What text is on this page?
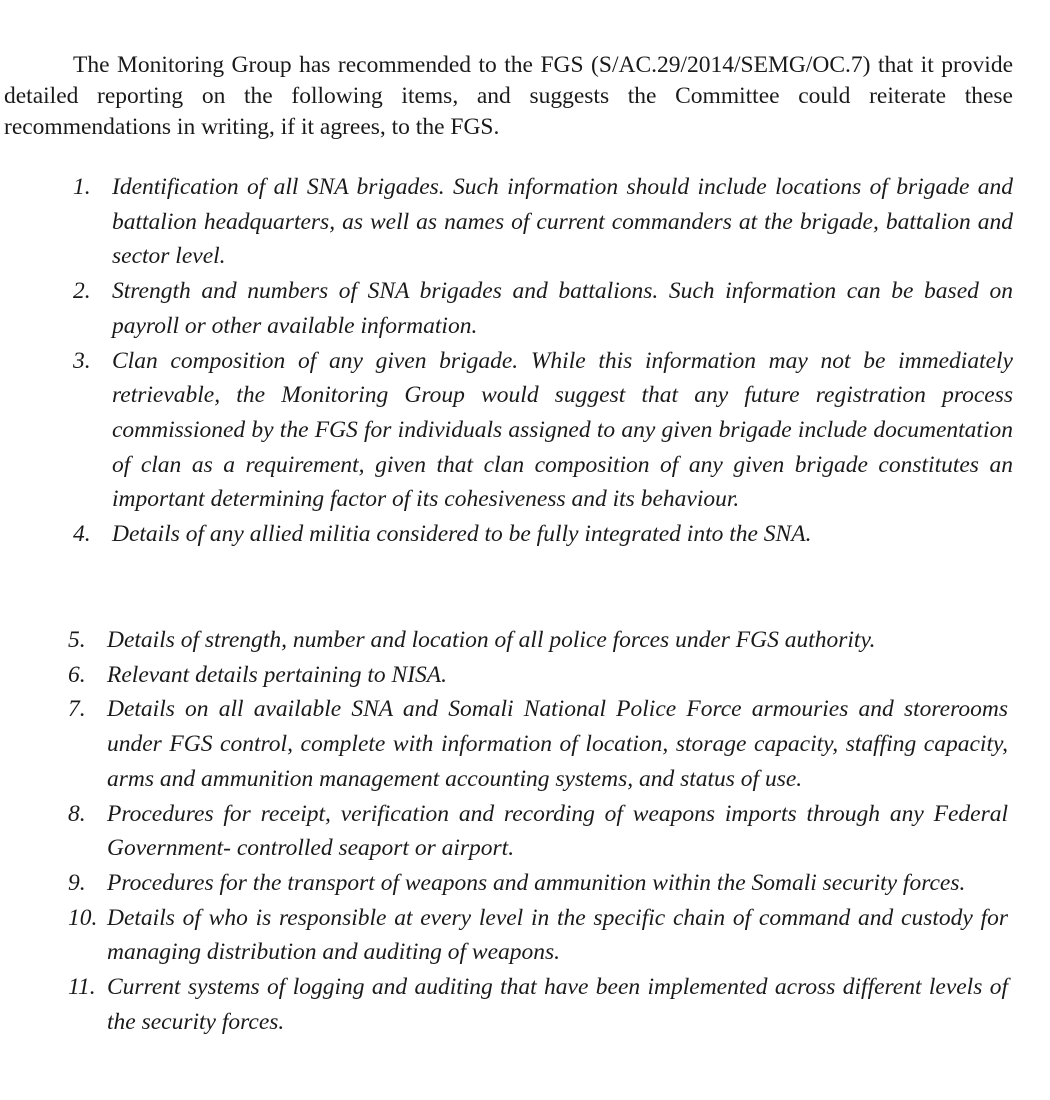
The Monitoring Group has recommended to the FGS (S/AC.29/2014/SEMG/OC.7) that it provide detailed reporting on the following items, and suggests the Committee could reiterate these recommendations in writing, if it agrees, to the FGS.

1. Identification of all SNA brigades. Such information should include locations of brigade and battalion headquarters, as well as names of current commanders at the brigade, battalion and sector level.
2. Strength and numbers of SNA brigades and battalions. Such information can be based on payroll or other available information.
3. Clan composition of any given brigade. While this information may not be immediately retrievable, the Monitoring Group would suggest that any future registration process commissioned by the FGS for individuals assigned to any given brigade include documentation of clan as a requirement, given that clan composition of any given brigade constitutes an important determining factor of its cohesiveness and its behaviour.
4. Details of any allied militia considered to be fully integrated into the SNA.
5. Details of strength, number and location of all police forces under FGS authority.
6. Relevant details pertaining to NISA.
7. Details on all available SNA and Somali National Police Force armouries and storerooms under FGS control, complete with information of location, storage capacity, staffing capacity, arms and ammunition management accounting systems, and status of use.
8. Procedures for receipt, verification and recording of weapons imports through any Federal Government- controlled seaport or airport.
9. Procedures for the transport of weapons and ammunition within the Somali security forces.
10. Details of who is responsible at every level in the specific chain of command and custody for managing distribution and auditing of weapons.
11. Current systems of logging and auditing that have been implemented across different levels of the security forces.
